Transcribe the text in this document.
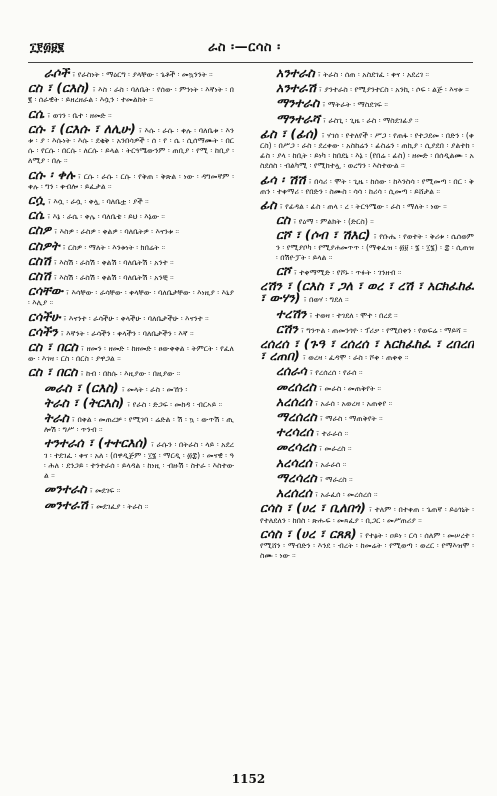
፲፻፴፱፪	ራስ ፡—ርሳስ ፡

ራሶች ፣ የራስነት ፡ ማዕርግ ፡ ያላቸው ፡ ጌቶች ፡ መኳንንት ።

ርስ ፣ (ርእስ) ፣ እስ ፡ ራስ ፡ ባለቤት ፡ የሰው ፡ ምንነት ፡ እኛነት ፡ በ፪ ፡ ሰራዊት ፡ ይዘረዘራል ፡ እሷን ፡ ተመልከት ።

ርሴ ፣ ወገን ፡ ቤተ ፡ ዘመድ ።

ርሱ ፣ (ርእሱ ፣ ለሊሁ) ፣ እሱ ፡ ራሱ ፡ ቀሉ ፡ ባለቤቱ ፡ እንቱ ፡ ያ ፡ እሱነት ፡ እሱ ፡ ደቂቅ ፡ አንበሳዎች ፡ ሰ ፡ የ ፡ ሴ ፡ ሲሰማሙት ፡ በርሱ ፡ የርሱ ፡ በርሱ ፡ ለርሱ ፡ ይላል ፡ ትርጓሜውንም ፡ ጠቢያ ፡ የሚ ፡ ከቢያ ፡ ለሚያ ፡ በሉ ።

ርሱ ፡ ቀሉ ፣ ርሱ ፡ ራሱ ፡ ርሱ ፡ የቅጠ ፡ ቅጽል ፡ ነው ፡ ዳግመኛም ፡ ቀሉ ፡ ግን ፡ ቀብሎ ፡ ይፈታል ።

ርሷ ፣ እሷ ፡ ራሷ ፡ ቀሏ ፡ ባለቤቷ ፡ ያች ።

ርሴ ፣ እኔ ፡ ራሴ ፡ ቀሌ ፡ ባለቤቴ ፡ ይህ ፡ እኔው ።

ርስዎ ፣ እስዎ ፡ ራስዎ ፡ ቀልዎ ፡ ባለቤትዎ ፡ እናንቱ ።

ርስዎት ፣ ርስዎ ፡ ማለት ፡ እንቱነት ፡ ክበሬት ።

ርስሽ ፣ እስሽ ፡ ራስሽ ፡ ቀልሽ ፡ ባለቤትሽ ፡ አንተ ።

ርስሽ ፣ እስሽ ፡ ራስሽ ፡ ቀልሽ ፡ ባለቤትሽ ፡ አንቺ ።

ርሳቸው ፣ እሳቸው ፡ ራሳቸው ፡ ቀላቸው ፡ ባለቤታቸው ፡ እነዚያ ፡ እኒያ ፡ እሊያ ።

ርሳችሁ ፣ እናንተ ፡ ራሳችሁ ፡ ቀላችሁ ፡ ባለቤታችሁ ፡ እናንተ ።

ርሳችን ፣ እኛንት ፡ ራሳችን ፡ ቀላችን ፡ ባለቤታችን ፡ እኛ ።

ርስ ፣ በርስ ፣ ዘመን ፡ ዘመድ ፡ ከዘመድ ፡ ፀውቀቀል ፡ ትምርት ፡ የፈለው ፡ እገዛ ፡ ርስ ፡ በርስ ፡ ያዋጋል ።

ርስ ፣ በርስ ፣ ከብ ፡ በከሱ ፡ እዚያው ፡ በዚያው ።

መራስ ፣ (ርእስ) ፣ መላት ፡ ራስ ፡ መኸን ፡

ትራስ ፣ (ትርእስ) ፣ የራስ ፡ ድጋፍ ፡ መከዳ ፡ ብርኣይ ።

ትራስ ፣ በቀል ፡ መጠረቻ ፡ የሚገባ ፡ ሬድል ፡ ሽ ፡ ኳ ፡ ውጥሽ ፡ ጢሎሽ ፡ ግሥ ፡ ጥንብ ።

ተንተራሰ ፣ (ተተርእሰ) ፣ ራሱን ፡ በትራስ ፡ ላይ ፡ አደረገ ፡ ተደገፈ ፡ ቀና ፡ አለ ፡ (በዋዲጅም ፡ ፲፮ ፡ ማርዲ ፡ ፴፰) ፡ መናዊ ፡ ዓ ፡ ሕለ ፡ ደንጋይ ፡ ተንተራሰ ፡ ይላዳል ፡ ከነዚ ፡ ብዙሽ ፡ ስተራ ፡ እስተውል ።

መንተራስ ፣ መደገፍ ።

መንተራሽ ፣ መደገፈያ ፡ ትራስ ።

አንተራስ ፣ ትራስ ፡ ሰጠ ፡ አስደገፈ ፡ ቀና ፡ አደረገ ።

አንተራሽ ፣ ያንተራስ ፡ የሚያንተርስ ፡ አንኪ ፡ ሶፍ ፡ ልጅ ፡ እናቱ ።

ማንተራስ ፣ ማትራት ፡ ማስደገፍ ።

ማንተራሻ ፣ ራስጊ ፡ ጊዜ ፡ ራስ ፡ ማስደገፊያ ።

ፊስ ፣ (ፊሰ) ፣ ሃገሰ ፡ የተለየች ፡ ሥጋ ፡ የጠፋ ፡ የተጋደመ ፡ በድን ፡ (ቀርስ) ፡ በሥጋ ፡ ራስ ፡ ደረቀው ፡ አስከሬን ፡ ፊስሬን ፡ ጠኪያ ፡ ሲያደበ ፡ ያልተከ ፡ ፊስ ፡ ያላ ፡ ከቢት ፡ ይነካ ፡ ከበደኒ ፡ እኔ ፡ (የበሬ ፡ ፊስ) ፡ ዘመድ ፡ በሰዲልሙ ፡ አስደሰስ ፡ ብልካሚ ፡ የሚከተሏ ፡ ወረግን ፡ እስተውል ።

ፊሳ ፡ ሽሽ ፣ በሳሪ ፡ ሞት ፡ ጊዜ ፡ ከሰው ፡ ከእንስሳ ፡ የሚመጣ ፡ በር ፡ ቅጠን ፡ ተቀማሪ ፡ የበድን ፡ ስሙስ ፡ ሳሳ ፡ ከሪሳ ፡ ሲመጣ ፡ ይሸታል ።

ፊስ ፣ የፊዳል ፡ ፊስ ፡ ጠላ ፡ ረ ፡ ትርጓሜው ፡ ራስ ፡ ማለት ፡ ነው ።

ርስ ፣ የዕማ ፡ ምልክት ፡ (ድርስ) ።

ርሾ ፣ (ሶብ ፣ ሽእር) ፣ የቡሔ ፡ የወተት ፡ ቅሪቱ ፡ ሴሰወምን ፡ የሚያቦካ ፡ የሚያሐመጥጥ ፡ (ማቀፈዝ ፡ ፴፱ ፡ ፮ ፡ ፲፮) ፡ ፰ ፡ ሲጠዝ ፡ በሽዮፓት ፡ ይላል ።

ርሾ ፣ ተቀማሚድ ፡ የሾኑ ፡ ጥፉት ፡ ገንዘብ ።

ረሽን ፣ (ርእስ ፣ ጋለ ፣ ወረ ፣ ረሽ ፣ አርክፈከፈ ፣ ውሃን) ፣ በወሃ ፡ ግደለ ።

ተረሽን ፣ ተወዛ ፡ ተገደለ ፡ ሞተ ፡ በረደ ።

ርሽን ፣ ግንጥል ፡ ጠመንጎዮ ፡ ፕሪቃ ፡ የሚበቀን ፡ የወፍሬ ፡ ማይሻ ።

ረሰረሰ ፣ (ጉዓ ፣ ረሰረሰ ፣ አርከፈከፈ ፣ ረበረበ ፣ ረጠበ) ፣ ወረዛ ፡ ፈዳሞ ፡ ራስ ፡ ሾቀ ፡ ጠቀቀ ።

ረሰራሳ ፣ የረሰረሰ ፡ የራሰ ።

መረሰረስ ፣ መራስ ፡ መጠቅየት ።

አረሰረሰ ፣ አራሰ ፡ አወረዛ ፡ አጠቀየ ።

ማረሰረስ ፣ ማራስ ፡ ማጠቅየት ።

ተረሳረሰ ፣ ተራራሰ ።

መረሳረስ ፣ መራረስ ።

አረሳረሰ ፣ አራራሰ ።

ማረሳረስ ፣ ማራረስ ።

አረሰረሰ ፣ አራፈሰ ፡ መረሰረሰ ።

ርሳስ ፣ (ሀረ ፣ ቢለበጎ) ፣ ተለም ፡ በተቀጠ ፡ ጌጠኛ ፡ ይዕጎኒት ፡ የተለደለን ፡ ከበስ ፡ ጽሑፍ ፡ መጻፈያ ፡ ቢጋር ፡ መሥጠሪያ ።

ርሳስ ፣ (ሀረ ፣ ርጸጸ) ፣ የተፅት ፡ ዐይነ ፡ ርሳ ፡ ሰለም ፡ መሠረተ ፡ የሚሸን ፡ ማብድን ፡ እንደ ፡ ብረት ፡ ከመሬት ፡ የሚወጣ ፡ ወረር ፡ የማእዝሞ ፡ ስሙ ፡ ነው ።

1152
